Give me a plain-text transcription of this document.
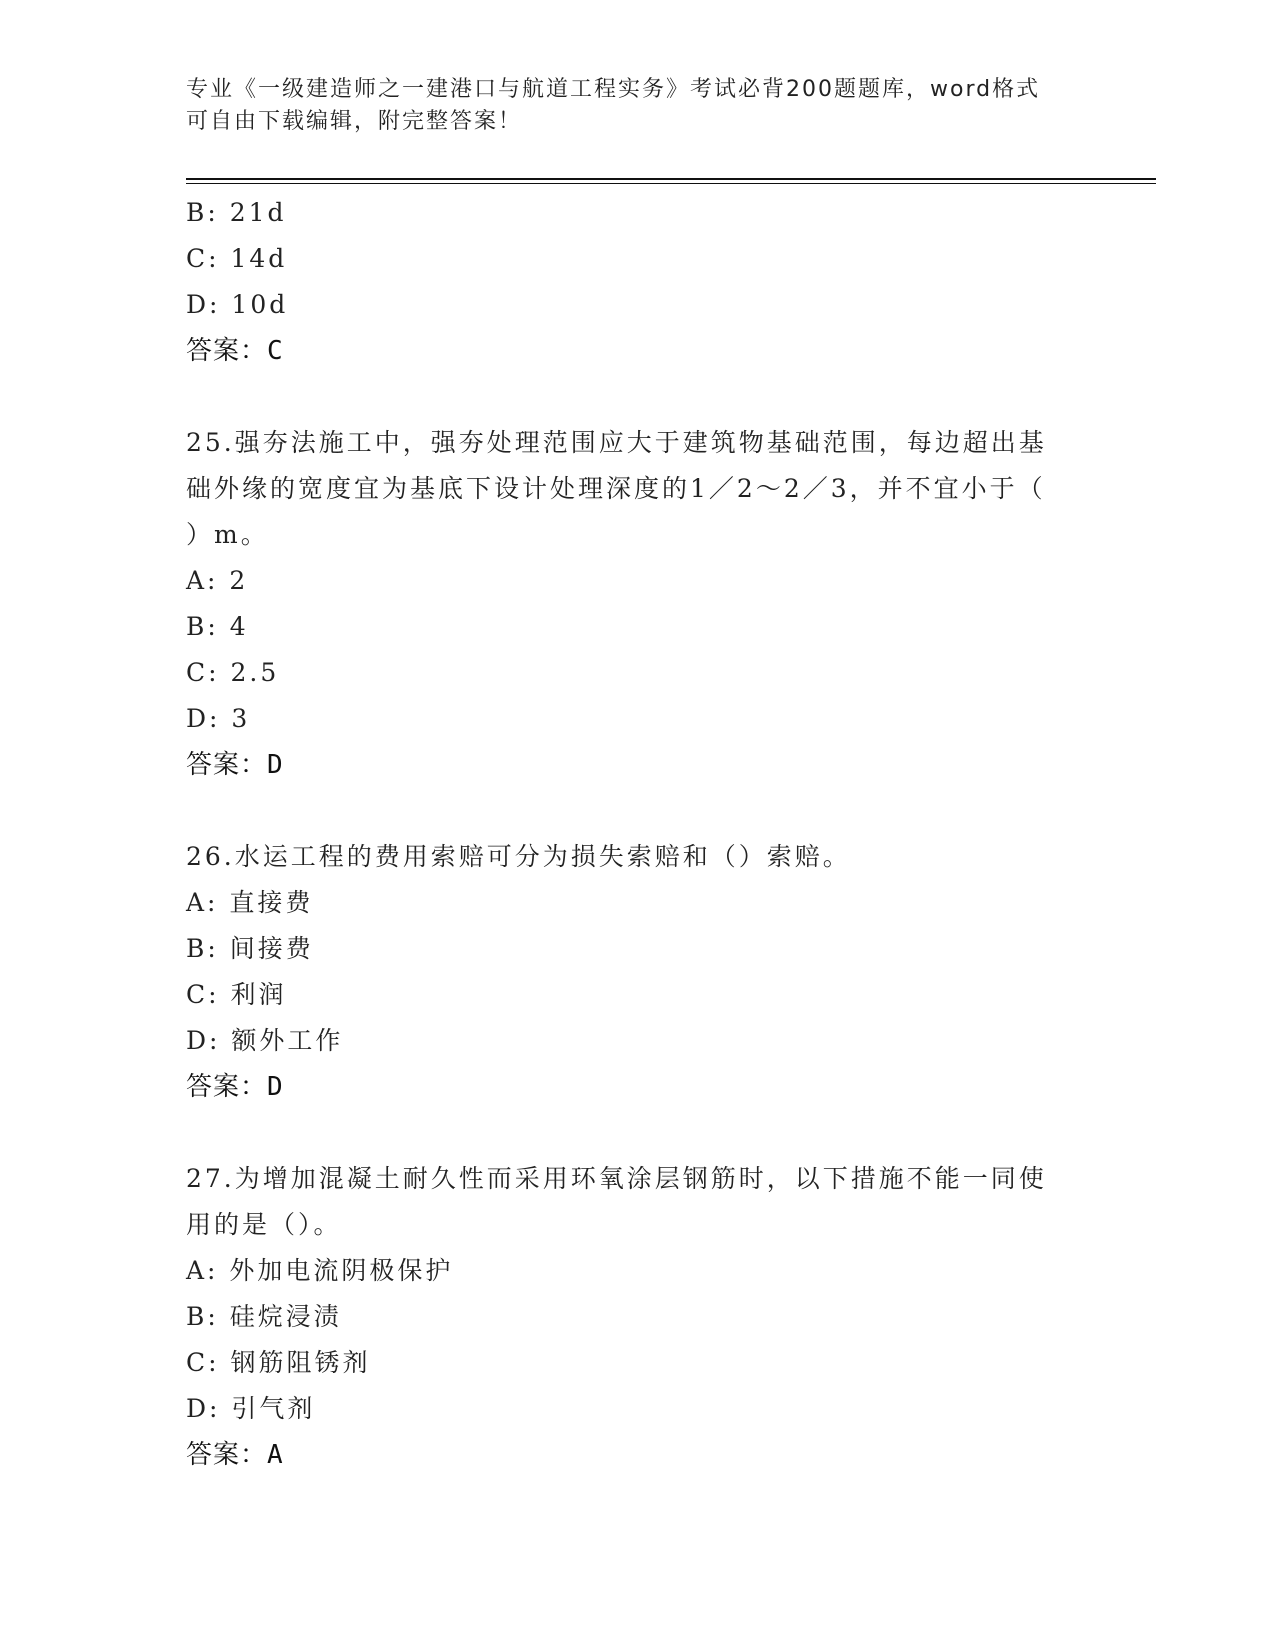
专业《一级建造师之一建港口与航道工程实务》考试必背200题题库，word格式
可自由下载编辑，附完整答案！
B: 21d
C: 14d
D: 10d
答案：C
25.强夯法施工中，强夯处理范围应大于建筑物基础范围，每边超出基
础外缘的宽度宜为基底下设计处理深度的1／2～2／3，并不宜小于（
）m。
A: 2
B: 4
C: 2.5
D: 3
答案：D
26.水运工程的费用索赔可分为损失索赔和（）索赔。
A: 直接费
B: 间接费
C: 利润
D: 额外工作
答案：D
27.为增加混凝土耐久性而采用环氧涂层钢筋时，以下措施不能一同使
用的是（）。
A: 外加电流阴极保护
B: 硅烷浸渍
C: 钢筋阻锈剂
D: 引气剂
答案：A
